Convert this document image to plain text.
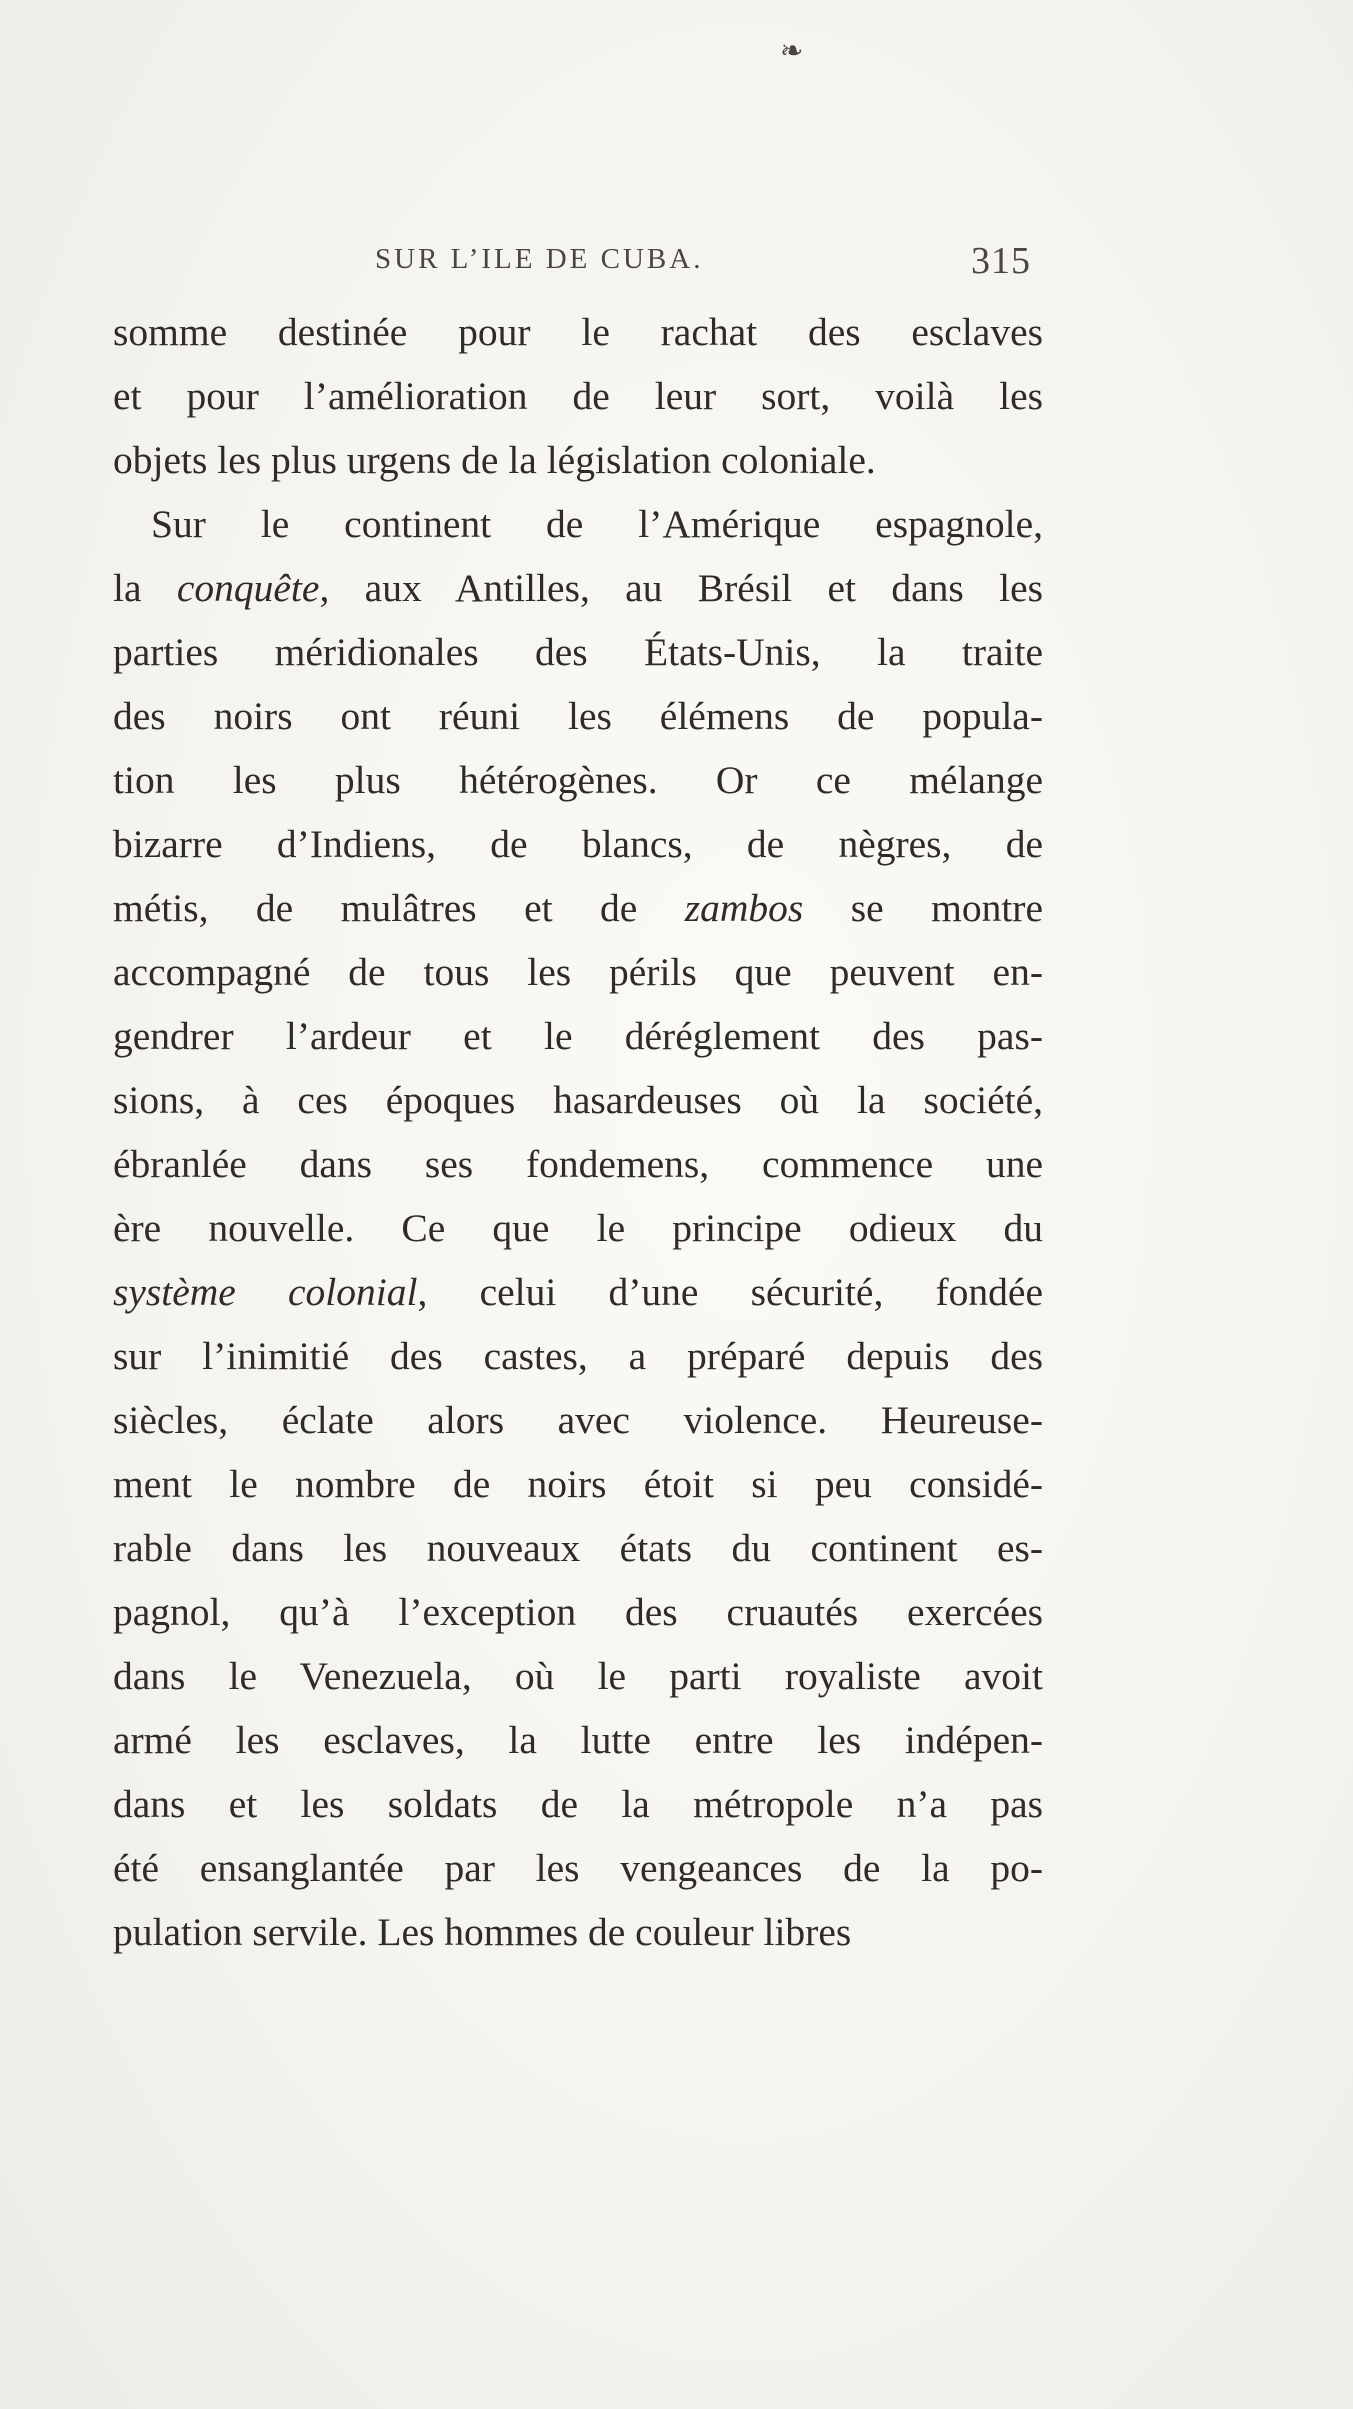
❧
SUR L’ILE DE CUBA.	315
somme destinée pour le rachat des esclaves
et pour l’amélioration de leur sort, voilà les
objets les plus urgens de la législation coloniale.
Sur le continent de l’Amérique espagnole,
la conquête, aux Antilles, au Brésil et dans les
parties méridionales des États-Unis, la traite
des noirs ont réuni les élémens de popula-
tion les plus hétérogènes. Or ce mélange
bizarre d’Indiens, de blancs, de nègres, de
métis, de mulâtres et de zambos se montre
accompagné de tous les périls que peuvent en-
gendrer l’ardeur et le déréglement des pas-
sions, à ces époques hasardeuses où la société,
ébranlée dans ses fondemens, commence une
ère nouvelle. Ce que le principe odieux du
système colonial, celui d’une sécurité, fondée
sur l’inimitié des castes, a préparé depuis des
siècles, éclate alors avec violence. Heureuse-
ment le nombre de noirs étoit si peu considé-
rable dans les nouveaux états du continent es-
pagnol, qu’à l’exception des cruautés exercées
dans le Venezuela, où le parti royaliste avoit
armé les esclaves, la lutte entre les indépen-
dans et les soldats de la métropole n’a pas
été ensanglantée par les vengeances de la po-
pulation servile. Les hommes de couleur libres
